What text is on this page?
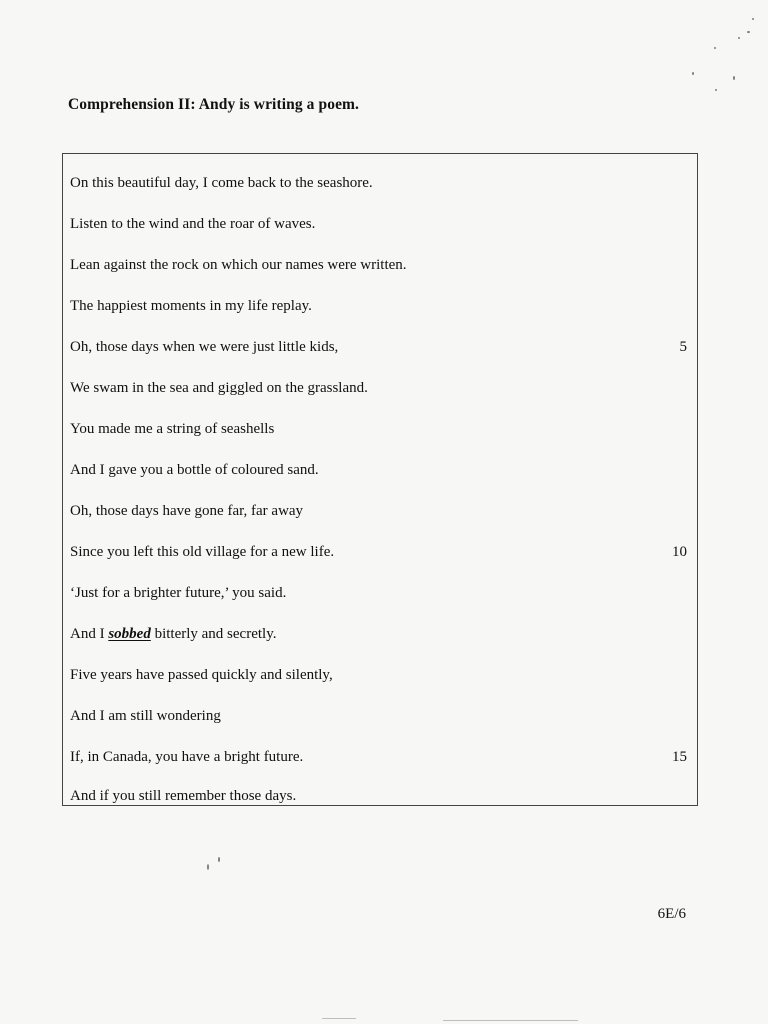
Comprehension II: Andy is writing a poem.
On this beautiful day, I come back to the seashore.
Listen to the wind and the roar of waves.
Lean against the rock on which our names were written.
The happiest moments in my life replay.
Oh, those days when we were just little kids,	5
We swam in the sea and giggled on the grassland.
You made me a string of seashells
And I gave you a bottle of coloured sand.
Oh, those days have gone far, far away
Since you left this old village for a new life.	10
‘Just for a brighter future,’ you said.
And I sobbed bitterly and secretly.
Five years have passed quickly and silently,
And I am still wondering
If, in Canada, you have a bright future.	15
And if you still remember those days.
6E/6
